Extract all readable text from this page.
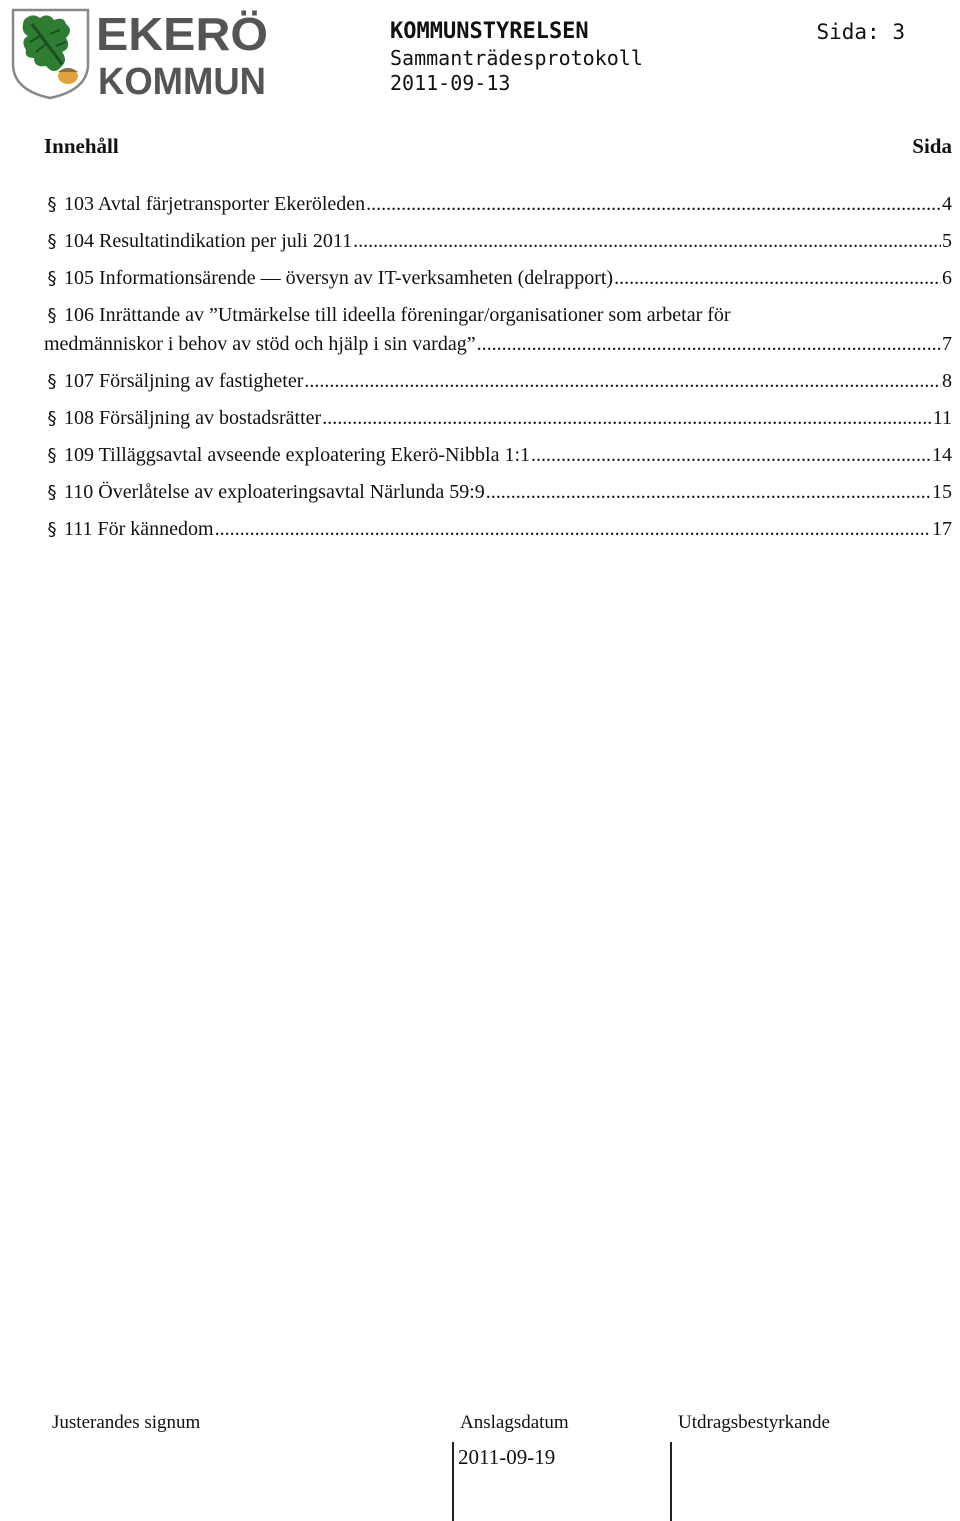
EKERÖ
KOMMUN
KOMMUNSTYRELSEN
Sammanträdesprotokoll
2011-09-13
Sida: 3
Innehåll	Sida
§ 103 Avtal färjetransporter Ekeröleden .....	4
§ 104 Resultatindikation per juli 2011 .....	5
§ 105 Informationsärende — översyn av IT-verksamheten (delrapport) .....	6
§ 106 Inrättande av ”Utmärkelse till ideella föreningar/organisationer som arbetar för
medmänniskor i behov av stöd och hjälp i sin vardag” .....	7
§ 107 Försäljning av fastigheter .....	8
§ 108 Försäljning av bostadsrätter .....	11
§ 109 Tilläggsavtal avseende exploatering Ekerö-Nibbla 1:1 .....	14
§ 110 Överlåtelse av exploateringsavtal Närlunda 59:9 .....	15
§ 111 För kännedom .....	17
Justerandes signum	Anslagsdatum	Utdragsbestyrkande
2011-09-19
